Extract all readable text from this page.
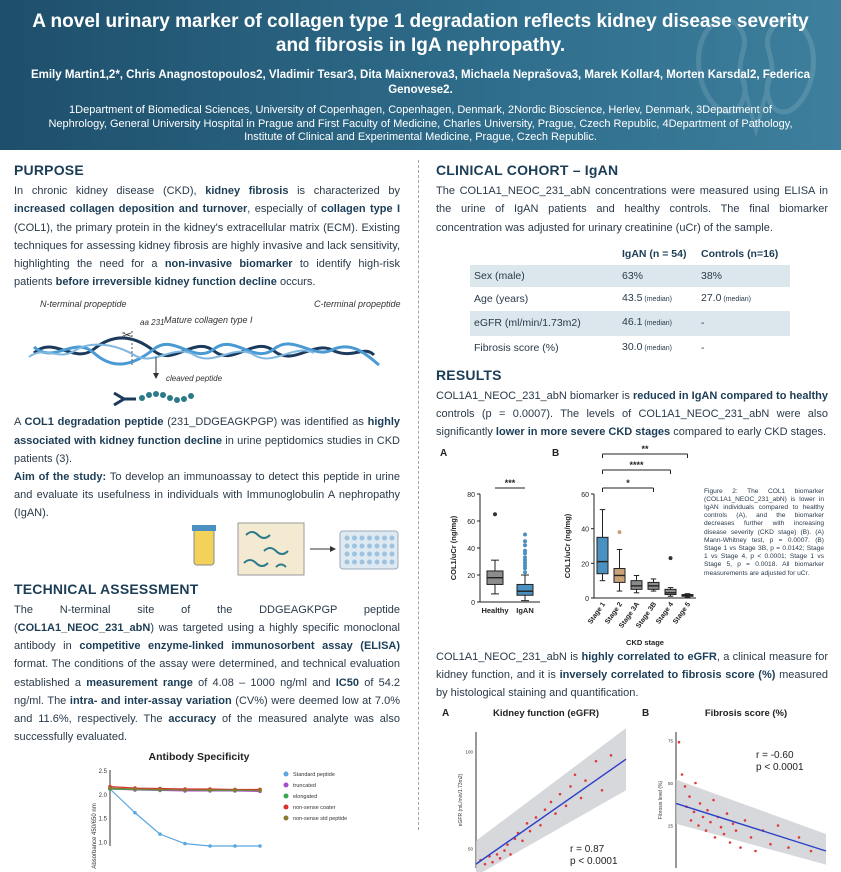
A novel urinary marker of collagen type 1 degradation reflects kidney disease severity and fibrosis in IgA nephropathy.
Emily Martin1,2*, Chris Anagnostopoulos2, Vladimir Tesar3, Dita Maixnerova3, Michaela Neprašova3, Marek Kollar4, Morten Karsdal2, Federica Genovese2.
1Department of Biomedical Sciences, University of Copenhagen, Copenhagen, Denmark, 2Nordic Bioscience, Herlev, Denmark, 3Department of Nephrology, General University Hospital in Prague and First Faculty of Medicine, Charles University, Prague, Czech Republic, 4Department of Pathology, Institute of Clinical and Experimental Medicine, Prague, Czech Republic.
PURPOSE

In chronic kidney disease (CKD), kidney fibrosis is characterized by increased collagen deposition and turnover, especially of collagen type I (COL1), the primary protein in the kidney's extracellular matrix (ECM). Existing techniques for assessing kidney fibrosis are highly invasive and lack sensitivity, highlighting the need for a non-invasive biomarker to identify high-risk patients before irreversible kidney function decline occurs.

N-terminal propeptide	C-terminal propeptide
Mature collagen type I
✂
aa 231
cleaved peptide

A COL1 degradation peptide (231_DDGEAGKPGP) was identified as highly associated with kidney function decline in urine peptidomics studies in CKD patients (3).

Aim of the study: To develop an immunoassay to detect this peptide in urine and evaluate its usefulness in individuals with Immunoglobulin A nephropathy (IgAN).

TECHNICAL ASSESSMENT

The N-terminal site of the DDGEAGKPGP peptide (COL1A1_NEOC_231_abN) was targeted using a highly specific monoclonal antibody in competitive enzyme-linked immunosorbent assay (ELISA) format. The conditions of the assay were determined, and technical evaluation established a measurement range of 4.08 – 1000 ng/ml and IC50 of 54.2 ng/ml. The intra- and inter-assay variation (CV%) were deemed low at 7.0% and 11.6%, respectively. The accuracy of the measured analyte was also successfully evaluated.

Antibody Specificity
2.5
2.0
1.5
1.0
Absorbance 450/650 nm
Standard peptide
truncated
elongated
non-sense coater
non-sense std peptide
CLINICAL COHORT – IgAN

The COL1A1_NEOC_231_abN concentrations were measured using ELISA in the urine of IgAN patients and healthy controls. The final biomarker concentration was adjusted for urinary creatinine (uCr) of the sample.

	IgAN (n = 54)	Controls (n=16)
Sex (male)	63%	38%
Age (years)	43.5 (median)	27.0 (median)
eGFR (ml/min/1.73m2)	46.1 (median)	-
Fibrosis score (%)	30.0 (median)	-
RESULTS

COL1A1_NEOC_231_abN biomarker is reduced in IgAN compared to healthy controls (p = 0.0007). The levels of COL1A1_NEOC_231_abN were also significantly lower in more severe CKD stages compared to early CKD stages.

A
0
20
40
60
80
COL1/uCr (ng/mg)
Healthy IgAN
***
B
0
20
40
60
COL1/uCr (ng/mg)
Stage 1
Stage 2
Stage 3A
Stage 3B
Stage 4
Stage 5
**
****
*
CKD stage
Figure 2: The COL1 biomarker (COL1A1_NEOC_231_abN) is lower in IgAN individuals compared to healthy controls (A), and the biomarker decreases further with increasing disease severity (CKD stage) (B). (A) Mann-Whitney test, p = 0.0007. (B) Stage 1 vs Stage 3B, p = 0.0142; Stage 1 vs Stage 4, p < 0.0001; Stage 1 vs Stage 5, p = 0.0018. All biomarker measurements are adjusted for uCr.

COL1A1_NEOC_231_abN is highly correlated to eGFR, a clinical measure for kidney function, and it is inversely correlated to fibrosis score (%) measured by histological staining and quantification.

A	Kidney function (eGFR)
100
50
eGFR (mL/min/1.73m2)
r = 0.87
p < 0.0001
B	Fibrosis score (%)
75
50
25
Fibrosis level (%)
r = -0.60
p < 0.0001
